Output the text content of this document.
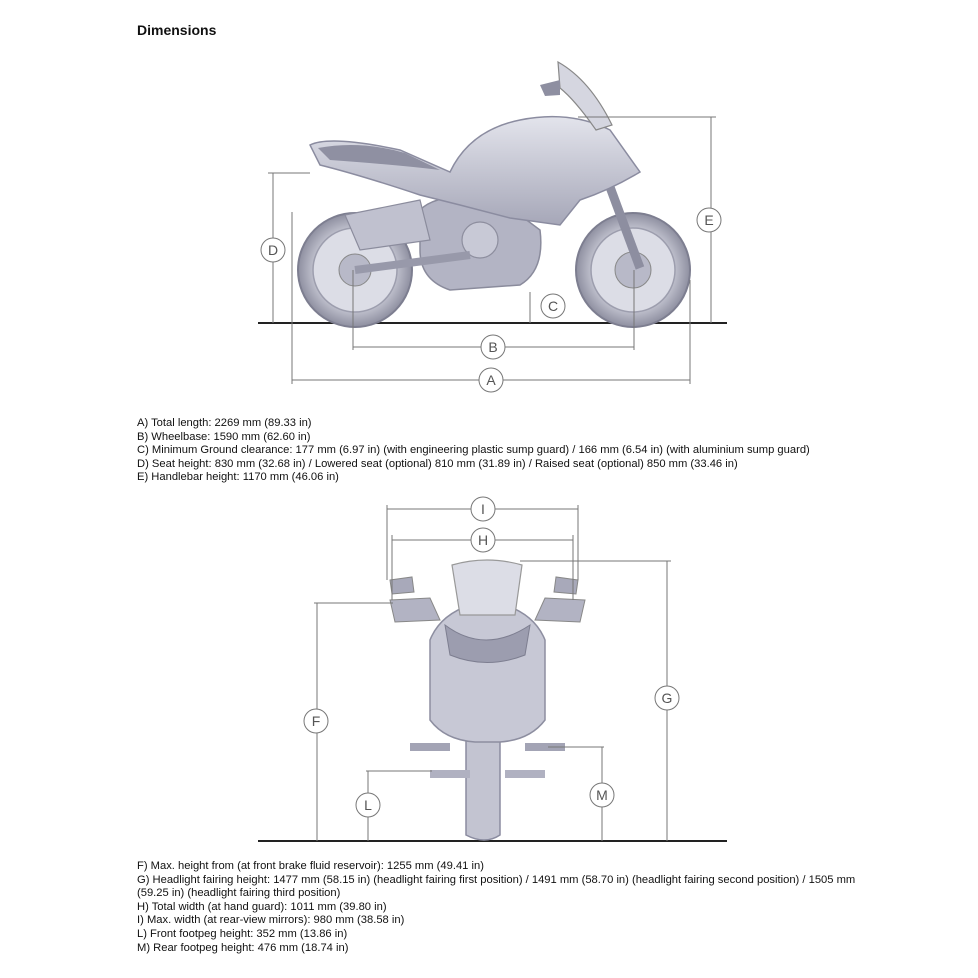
Dimensions
A
B
C
D
E
A) Total length: 2269 mm (89.33 in)
B) Wheelbase: 1590 mm (62.60 in)
C) Minimum Ground clearance: 177 mm (6.97 in) (with engineering plastic sump guard) / 166 mm (6.54 in) (with aluminium sump guard)
D) Seat height: 830 mm (32.68 in) / Lowered seat (optional) 810 mm (31.89 in) / Raised seat (optional) 850 mm (33.46 in)
E) Handlebar height: 1170 mm (46.06 in)
I
H
F
G
L
M
F) Max. height from (at front brake fluid reservoir): 1255 mm (49.41 in)
G) Headlight fairing height: 1477 mm (58.15 in) (headlight fairing first position) / 1491 mm (58.70 in) (headlight fairing second position) / 1505 mm (59.25 in) (headlight fairing third position)
H) Total width (at hand guard): 1011 mm (39.80 in)
I) Max. width (at rear-view mirrors): 980 mm (38.58 in)
L) Front footpeg height: 352 mm (13.86 in)
M) Rear footpeg height: 476 mm (18.74 in)
